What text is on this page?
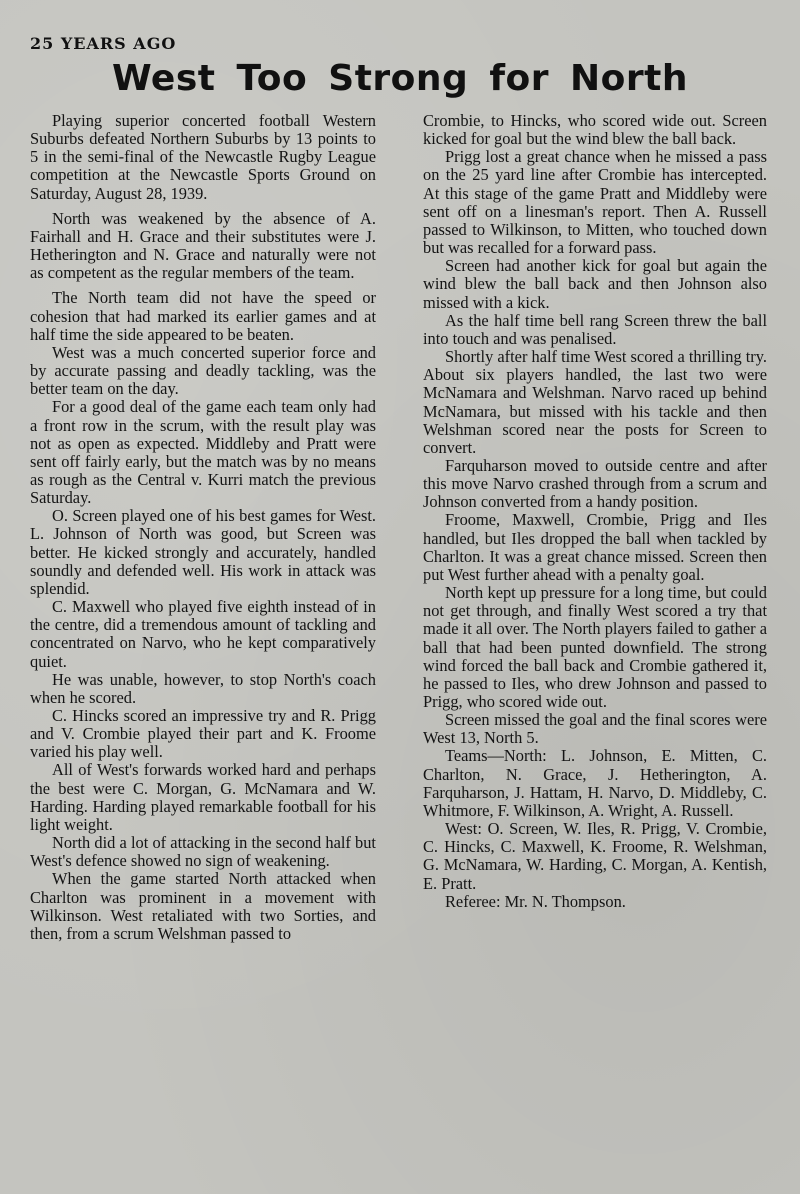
25 YEARS AGO
West Too Strong for North

Playing superior concerted football Western Suburbs defeated Northern Suburbs by 13 points to 5 in the semi-final of the Newcastle Rugby League competition at the Newcastle Sports Ground on Saturday, August 28, 1939.

North was weakened by the absence of A. Fairhall and H. Grace and their substitutes were J. Hetherington and N. Grace and naturally were not as competent as the regular members of the team.

The North team did not have the speed or cohesion that had marked its earlier games and at half time the side appeared to be beaten.

West was a much concerted superior force and by accurate passing and deadly tackling, was the better team on the day.

For a good deal of the game each team only had a front row in the scrum, with the result play was not as open as expected. Middleby and Pratt were sent off fairly early, but the match was by no means as rough as the Central v. Kurri match the previous Saturday.

O. Screen played one of his best games for West. L. Johnson of North was good, but Screen was better. He kicked strongly and accurately, handled soundly and defended well. His work in attack was splendid.

C. Maxwell who played five eighth instead of in the centre, did a tremendous amount of tackling and concentrated on Narvo, who he kept comparatively quiet.

He was unable, however, to stop North's coach when he scored.

C. Hincks scored an impressive try and R. Prigg and V. Crombie played their part and K. Froome varied his play well.

All of West's forwards worked hard and perhaps the best were C. Morgan, G. McNamara and W. Harding. Harding played remarkable football for his light weight.

North did a lot of attacking in the second half but West's defence showed no sign of weakening.

When the game started North attacked when Charlton was prominent in a movement with Wilkinson. West retaliated with two Sorties, and then, from a scrum Welshman passed to

Crombie, to Hincks, who scored wide out. Screen kicked for goal but the wind blew the ball back.

Prigg lost a great chance when he missed a pass on the 25 yard line after Crombie has intercepted. At this stage of the game Pratt and Middleby were sent off on a linesman's report. Then A. Russell passed to Wilkinson, to Mitten, who touched down but was recalled for a forward pass.

Screen had another kick for goal but again the wind blew the ball back and then Johnson also missed with a kick.

As the half time bell rang Screen threw the ball into touch and was penalised.

Shortly after half time West scored a thrilling try. About six players handled, the last two were McNamara and Welshman. Narvo raced up behind McNamara, but missed with his tackle and then Welshman scored near the posts for Screen to convert.

Farquharson moved to outside centre and after this move Narvo crashed through from a scrum and Johnson converted from a handy position.

Froome, Maxwell, Crombie, Prigg and Iles handled, but Iles dropped the ball when tackled by Charlton. It was a great chance missed. Screen then put West further ahead with a penalty goal.

North kept up pressure for a long time, but could not get through, and finally West scored a try that made it all over. The North players failed to gather a ball that had been punted downfield. The strong wind forced the ball back and Crombie gathered it, he passed to Iles, who drew Johnson and passed to Prigg, who scored wide out.

Screen missed the goal and the final scores were West 13, North 5.

Teams—North: L. Johnson, E. Mitten, C. Charlton, N. Grace, J. Hetherington, A. Farquharson, J. Hattam, H. Narvo, D. Middleby, C. Whitmore, F. Wilkinson, A. Wright, A. Russell.

West: O. Screen, W. Iles, R. Prigg, V. Crombie, C. Hincks, C. Maxwell, K. Froome, R. Welshman, G. McNamara, W. Harding, C. Morgan, A. Kentish, E. Pratt.

Referee: Mr. N. Thompson.
